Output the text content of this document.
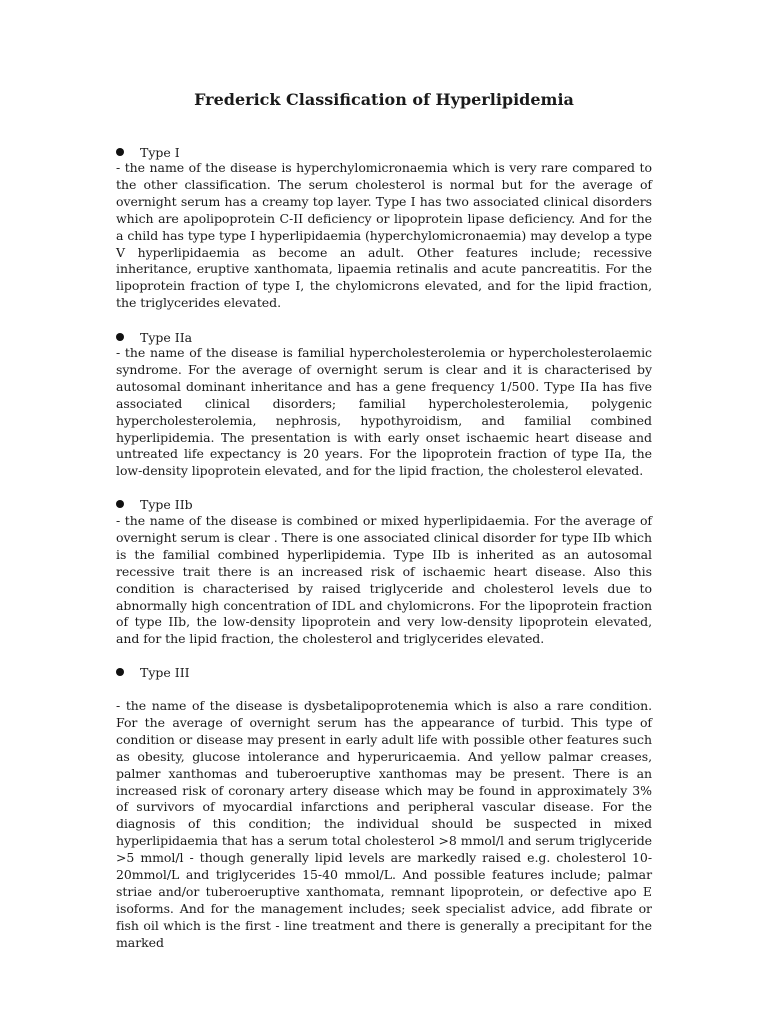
Frederick Classification of Hyperlipidemia
Type I
- the name of the disease is hyperchylomicronaemia which is very rare compared to the other classification. The serum cholesterol is normal but for the average of overnight serum has a creamy top layer. Type I has two associated clinical disorders which are apolipoprotein C-II deficiency or lipoprotein lipase deficiency. And for the a child has type type I hyperlipidaemia (hyperchylomicronaemia) may develop a type V hyperlipidaemia as become an adult. Other features include; recessive inheritance, eruptive xanthomata, lipaemia retinalis and acute pancreatitis. For the lipoprotein fraction of type I, the chylomicrons elevated, and for the lipid fraction, the triglycerides elevated.
Type IIa
- the name of the disease is familial hypercholesterolemia or hypercholesterolaemic syndrome. For the average of overnight serum is clear and it is characterised by autosomal dominant inheritance and has a gene frequency 1/500. Type IIa has five associated clinical disorders; familial hypercholesterolemia, polygenic hypercholesterolemia, nephrosis, hypothyroidism, and familial combined hyperlipidemia. The presentation is with early onset ischaemic heart disease and untreated life expectancy is 20 years. For the lipoprotein fraction of type IIa, the low-density lipoprotein elevated, and for the lipid fraction, the cholesterol elevated.
Type IIb
- the name of the disease is combined or mixed hyperlipidaemia. For the average of overnight serum is clear . There is one associated clinical disorder for type IIb which is the familial combined hyperlipidemia. Type IIb is inherited as an autosomal recessive trait there is an increased risk of ischaemic heart disease. Also this condition is characterised by raised triglyceride and cholesterol levels due to abnormally high concentration of IDL and chylomicrons. For the lipoprotein fraction of type IIb, the low-density lipoprotein and very low-density lipoprotein elevated, and for the lipid fraction, the cholesterol and triglycerides elevated.
Type III
- the name of the disease is dysbetalipoprotenemia which is also a rare condition. For the average of overnight serum has the appearance of turbid. This type of condition or disease may present in early adult life with possible other features such as obesity, glucose intolerance and hyperuricaemia. And yellow palmar creases, palmer xanthomas and tuberoeruptive xanthomas may be present. There is an increased risk of coronary artery disease which may be found in approximately 3% of survivors of myocardial infarctions and peripheral vascular disease. For the diagnosis of this condition; the individual should be suspected in mixed hyperlipidaemia that has a serum total cholesterol >8 mmol/l and serum triglyceride >5 mmol/l - though generally lipid levels are markedly raised e.g. cholesterol 10-20mmol/L and triglycerides 15-40 mmol/L. And possible features include; palmar striae and/or tuberoeruptive xanthomata, remnant lipoprotein, or defective apo E isoforms. And for the management includes; seek specialist advice, add fibrate or fish oil which is the first - line treatment and there is generally a precipitant for the marked
